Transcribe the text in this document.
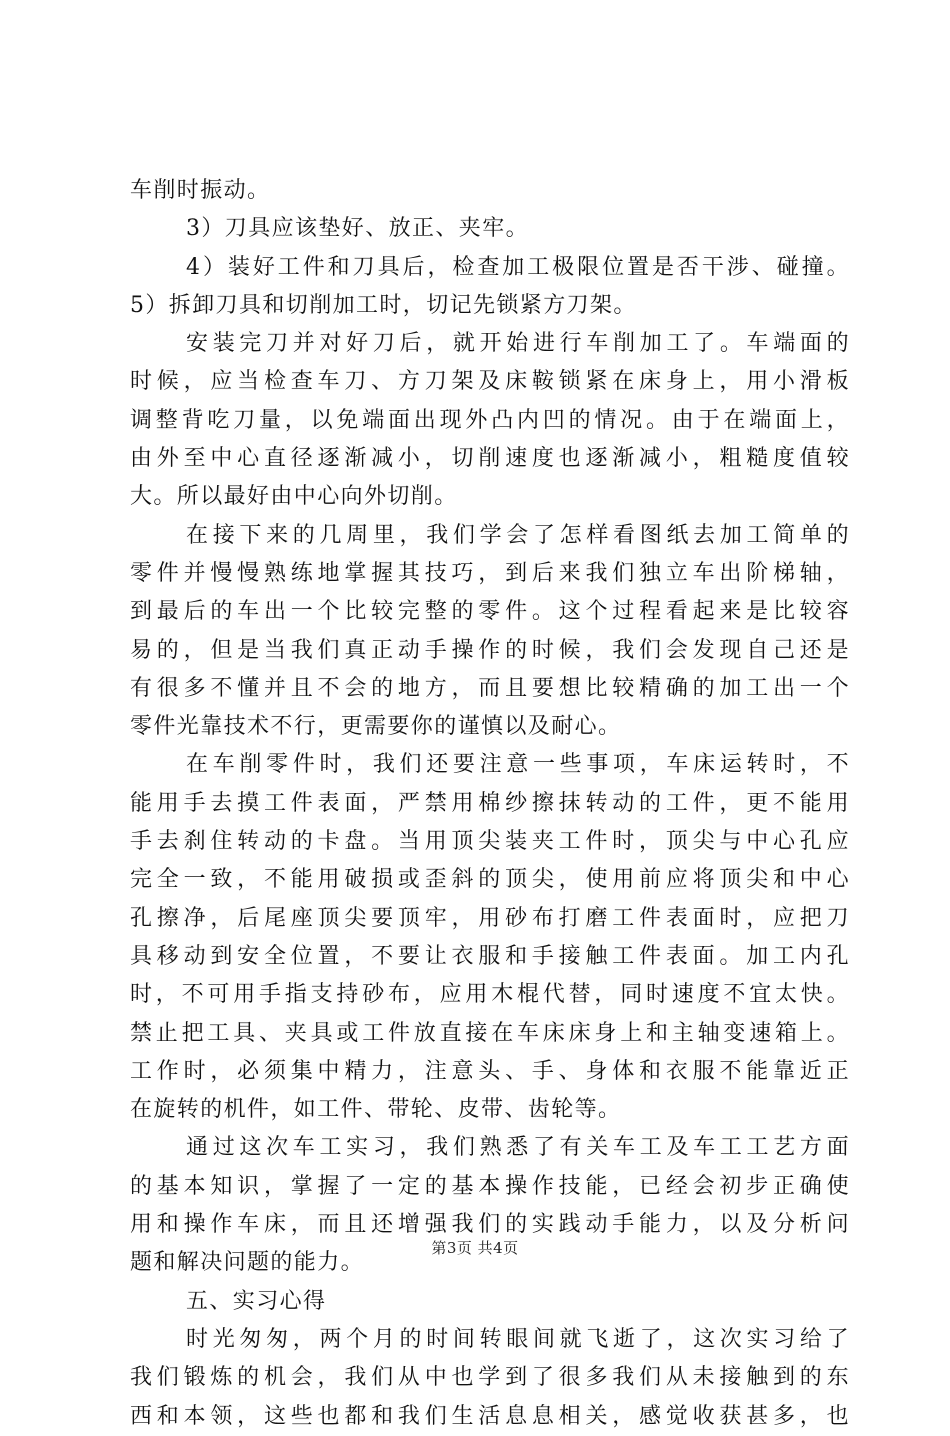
车削时振动。
3）刀具应该垫好、放正、夹牢。
4）装好工件和刀具后，检查加工极限位置是否干涉、碰撞。
5）拆卸刀具和切削加工时，切记先锁紧方刀架。
安装完刀并对好刀后，就开始进行车削加工了。车端面的
时候，应当检查车刀、方刀架及床鞍锁紧在床身上，用小滑板
调整背吃刀量，以免端面出现外凸内凹的情况。由于在端面上，
由外至中心直径逐渐减小，切削速度也逐渐减小，粗糙度值较
大。所以最好由中心向外切削。
在接下来的几周里，我们学会了怎样看图纸去加工简单的
零件并慢慢熟练地掌握其技巧，到后来我们独立车出阶梯轴，
到最后的车出一个比较完整的零件。这个过程看起来是比较容
易的，但是当我们真正动手操作的时候，我们会发现自己还是
有很多不懂并且不会的地方，而且要想比较精确的加工出一个
零件光靠技术不行，更需要你的谨慎以及耐心。
在车削零件时，我们还要注意一些事项，车床运转时，不
能用手去摸工件表面，严禁用棉纱擦抹转动的工件，更不能用
手去刹住转动的卡盘。当用顶尖装夹工件时，顶尖与中心孔应
完全一致，不能用破损或歪斜的顶尖，使用前应将顶尖和中心
孔擦净，后尾座顶尖要顶牢，用砂布打磨工件表面时，应把刀
具移动到安全位置，不要让衣服和手接触工件表面。加工内孔
时，不可用手指支持砂布，应用木棍代替，同时速度不宜太快。
禁止把工具、夹具或工件放直接在车床床身上和主轴变速箱上。
工作时，必须集中精力，注意头、手、身体和衣服不能靠近正
在旋转的机件，如工件、带轮、皮带、齿轮等。
通过这次车工实习，我们熟悉了有关车工及车工工艺方面
的基本知识，掌握了一定的基本操作技能，已经会初步正确使
用和操作车床，而且还增强我们的实践动手能力，以及分析问
题和解决问题的能力。
五、实习心得
时光匆匆，两个月的时间转眼间就飞逝了，这次实习给了
我们锻炼的机会，我们从中也学到了很多我们从未接触到的东
西和本领，这些也都和我们生活息息相关，感觉收获甚多，也
第3页 共4页
